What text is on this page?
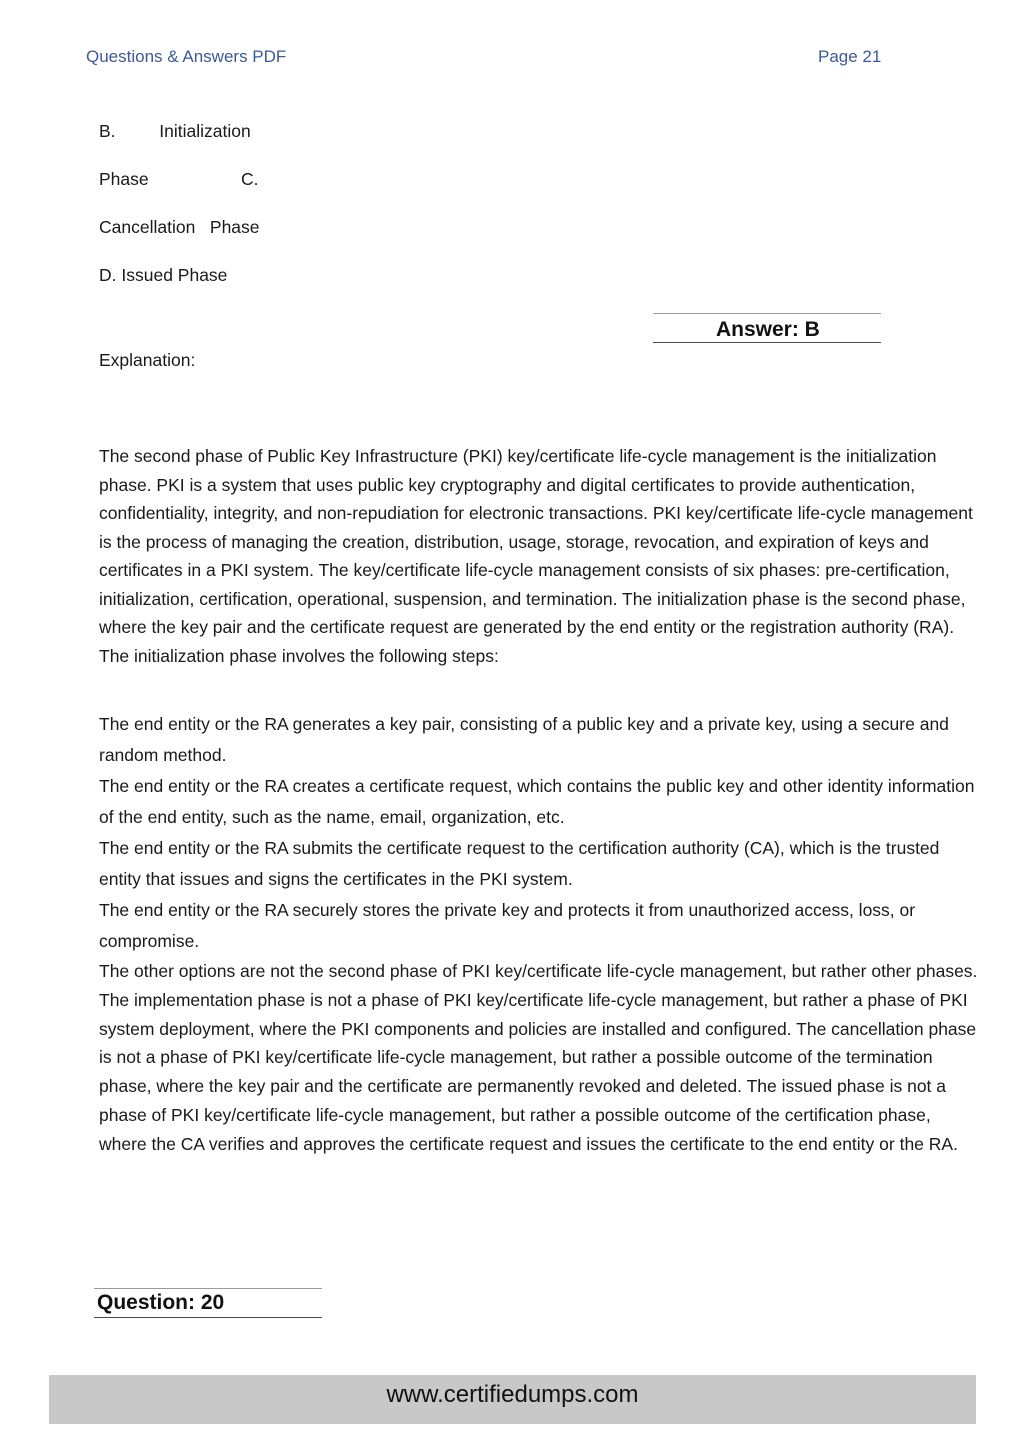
Questions & Answers PDF	Page 21
B.         Initialization
Phase                   C.
Cancellation   Phase
D. Issued Phase
Answer: B
Explanation:

The second phase of Public Key Infrastructure (PKI) key/certificate life-cycle management is the initialization phase. PKI is a system that uses public key cryptography and digital certificates to provide authentication, confidentiality, integrity, and non-repudiation for electronic transactions. PKI key/certificate life-cycle management is the process of managing the creation, distribution, usage, storage, revocation, and expiration of keys and certificates in a PKI system. The key/certificate life-cycle management consists of six phases: pre-certification, initialization, certification, operational, suspension, and termination. The initialization phase is the second phase, where the key pair and the certificate request are generated by the end entity or the registration authority (RA). The initialization phase involves the following steps:

The end entity or the RA generates a key pair, consisting of a public key and a private key, using a secure and random method.
The end entity or the RA creates a certificate request, which contains the public key and other identity information of the end entity, such as the name, email, organization, etc.
The end entity or the RA submits the certificate request to the certification authority (CA), which is the trusted entity that issues and signs the certificates in the PKI system.
The end entity or the RA securely stores the private key and protects it from unauthorized access, loss, or compromise.

The other options are not the second phase of PKI key/certificate life-cycle management, but rather other phases. The implementation phase is not a phase of PKI key/certificate life-cycle management, but rather a phase of PKI system deployment, where the PKI components and policies are installed and configured. The cancellation phase is not a phase of PKI key/certificate life-cycle management, but rather a possible outcome of the termination phase, where the key pair and the certificate are permanently revoked and deleted. The issued phase is not a phase of PKI key/certificate life-cycle management, but rather a possible outcome of the certification phase, where the CA verifies and approves the certificate request and issues the certificate to the end entity or the RA.

Question: 20
www.certifiedumps.com
